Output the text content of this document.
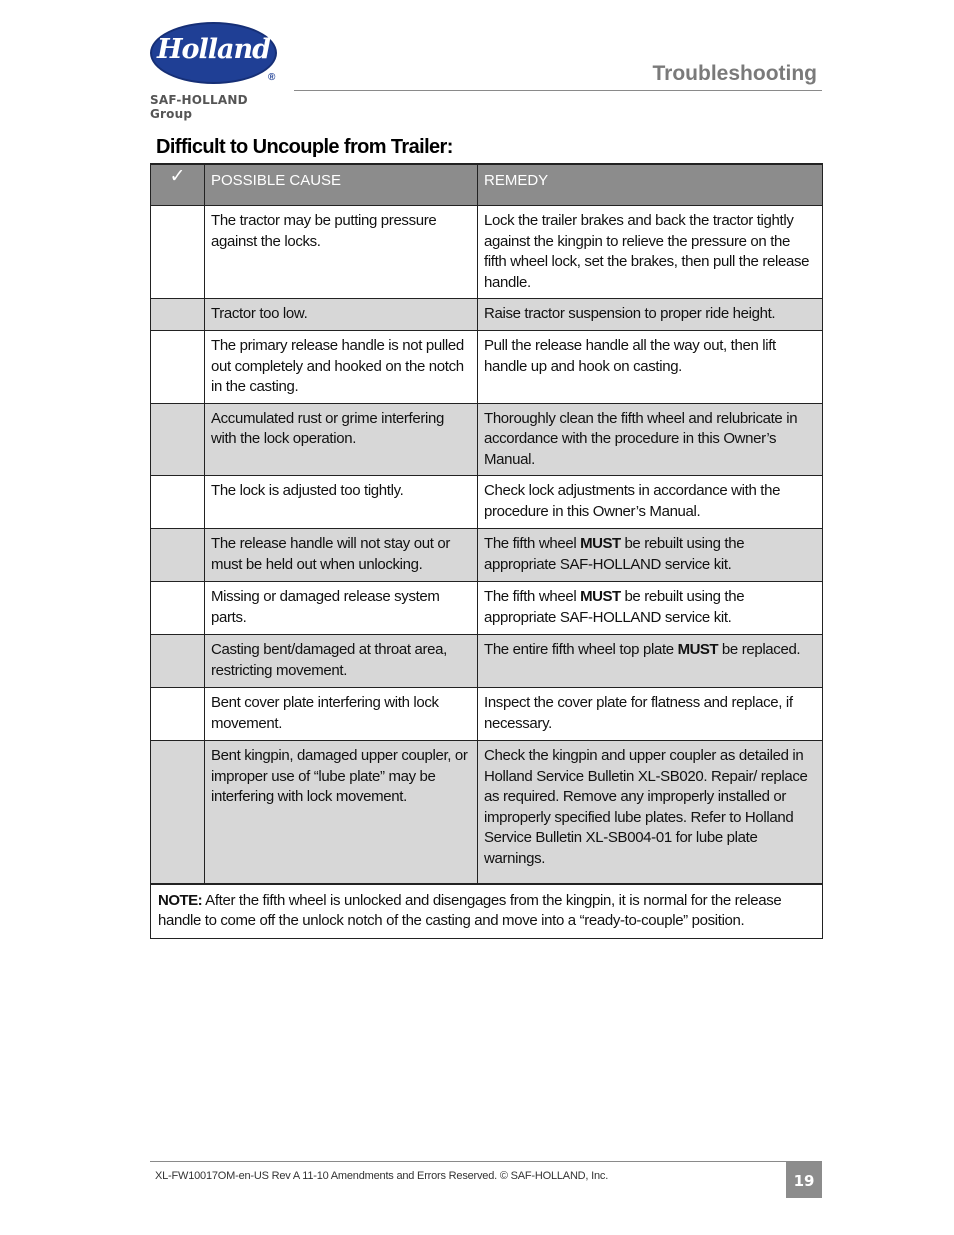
Holland
®
SAF-HOLLAND Group
Troubleshooting
Difficult to Uncouple from Trailer:
✓	POSSIBLE CAUSE	REMEDY
	The tractor may be putting pressure against the locks.	Lock the trailer brakes and back the tractor tightly against the kingpin to relieve the pressure on the fifth wheel lock, set the brakes, then pull the release handle.
	Tractor too low.	Raise tractor suspension to proper ride height.
	The primary release handle is not pulled out completely and hooked on the notch in the casting.	Pull the release handle all the way out, then lift handle up and hook on casting.
	Accumulated rust or grime interfering with the lock operation.	Thoroughly clean the fifth wheel and relubricate in accordance with the procedure in this Owner’s Manual.
	The lock is adjusted too tightly.	Check lock adjustments in accordance with the procedure in this Owner’s Manual.
	The release handle will not stay out or must be held out when unlocking.	The fifth wheel MUST be rebuilt using the appropriate SAF-HOLLAND service kit.
	Missing or damaged release system parts.	The fifth wheel MUST be rebuilt using the appropriate SAF-HOLLAND service kit.
	Casting bent/damaged at throat area, restricting movement.	The entire fifth wheel top plate MUST be replaced.
	Bent cover plate interfering with lock movement.	Inspect the cover plate for flatness and replace, if necessary.
	Bent kingpin, damaged upper coupler, or improper use of “lube plate” may be interfering with lock movement.	Check the kingpin and upper coupler as detailed in Holland Service Bulletin XL-SB020. Repair/ replace as required. Remove any improperly installed or improperly specified lube plates. Refer to Holland Service Bulletin XL-SB004-01 for lube plate warnings.
NOTE: After the fifth wheel is unlocked and disengages from the kingpin, it is normal for the release handle to come off the unlock notch of the casting and move into a “ready-to-couple” position.		
XL-FW10017OM-en-US Rev A 11-10 Amendments and Errors Reserved. © SAF-HOLLAND, Inc.	19
